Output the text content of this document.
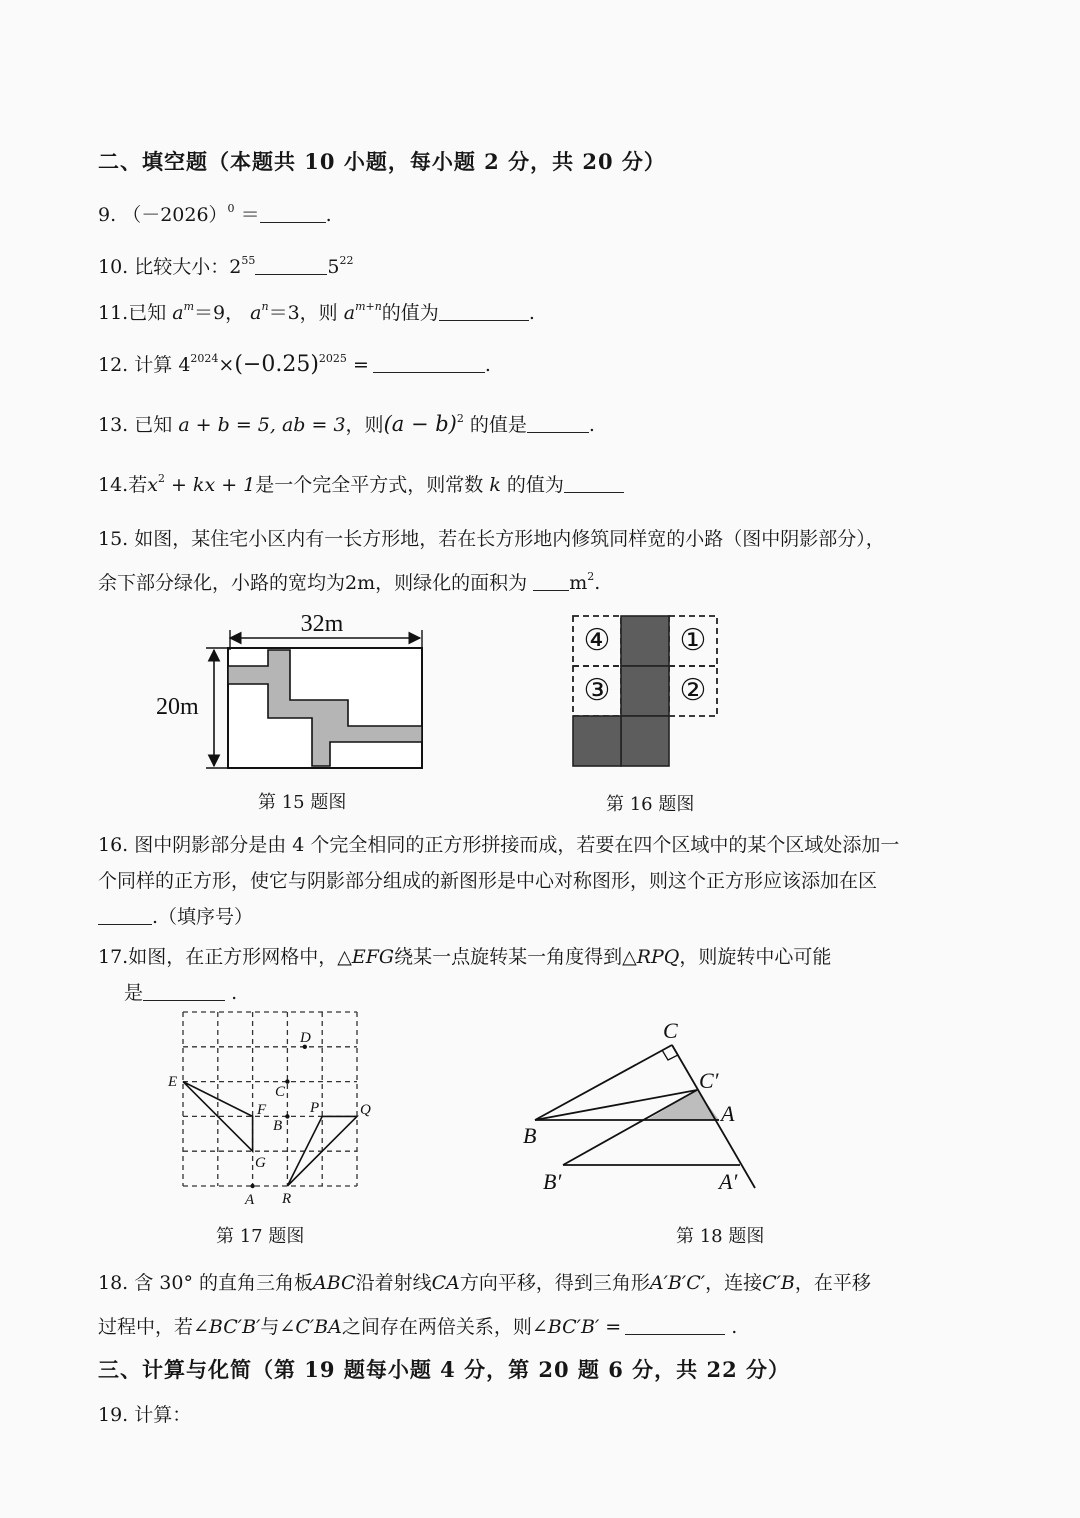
二、填空题（本题共 10 小题，每小题 2 分，共 20 分）
9. $(-2026)^0$ ＝	.
10. 比较大小：$2^{55}$	$5^{22}$
11.已知 $a^m=9$， $a^n=3$，则 $a^{m+n}$的值为	.
12. 计算 $4^{2024}\times(-0.25)^{2025}$ =	.
13. 已知 a + b = 5, ab = 3，则$(a - b)^2$ 的值是	.
14.若$x^2$ + kx + 1是一个完全平方式，则常数 k 的值为
15. 如图，某住宅小区内有一长方形地，若在长方形地内修筑同样宽的小路（图中阴影部分），
余下部分绿化，小路的宽均为2m，则绿化的面积为 $m^2$.
32m
20m
第 15 题图
④ ①
③ ②
第 16 题图
16. 图中阴影部分是由 4 个完全相同的正方形拼接而成，若要在四个区域中的某个区域处添加一
个同样的正方形，使它与阴影部分组成的新图形是中心对称图形，则这个正方形应该添加在区
.（填序号）
17.如图，在正方形网格中，△EFG绕某一点旋转某一角度得到△RPQ，则旋转中心可能
是	.
E
F
G
D
C
B
P	Q
A R
第 17 题图
C
C′
A
B
B′	A′
第 18 题图
18. 含 30° 的直角三角板ABC沿着射线CA方向平移，得到三角形A′B′C′，连接C′B，在平移
过程中，若∠BC′B′与∠C′BA之间存在两倍关系，则∠BC′B′ =	.
三、计算与化简（第 19 题每小题 4 分，第 20 题 6 分，共 22 分）
19. 计算：
